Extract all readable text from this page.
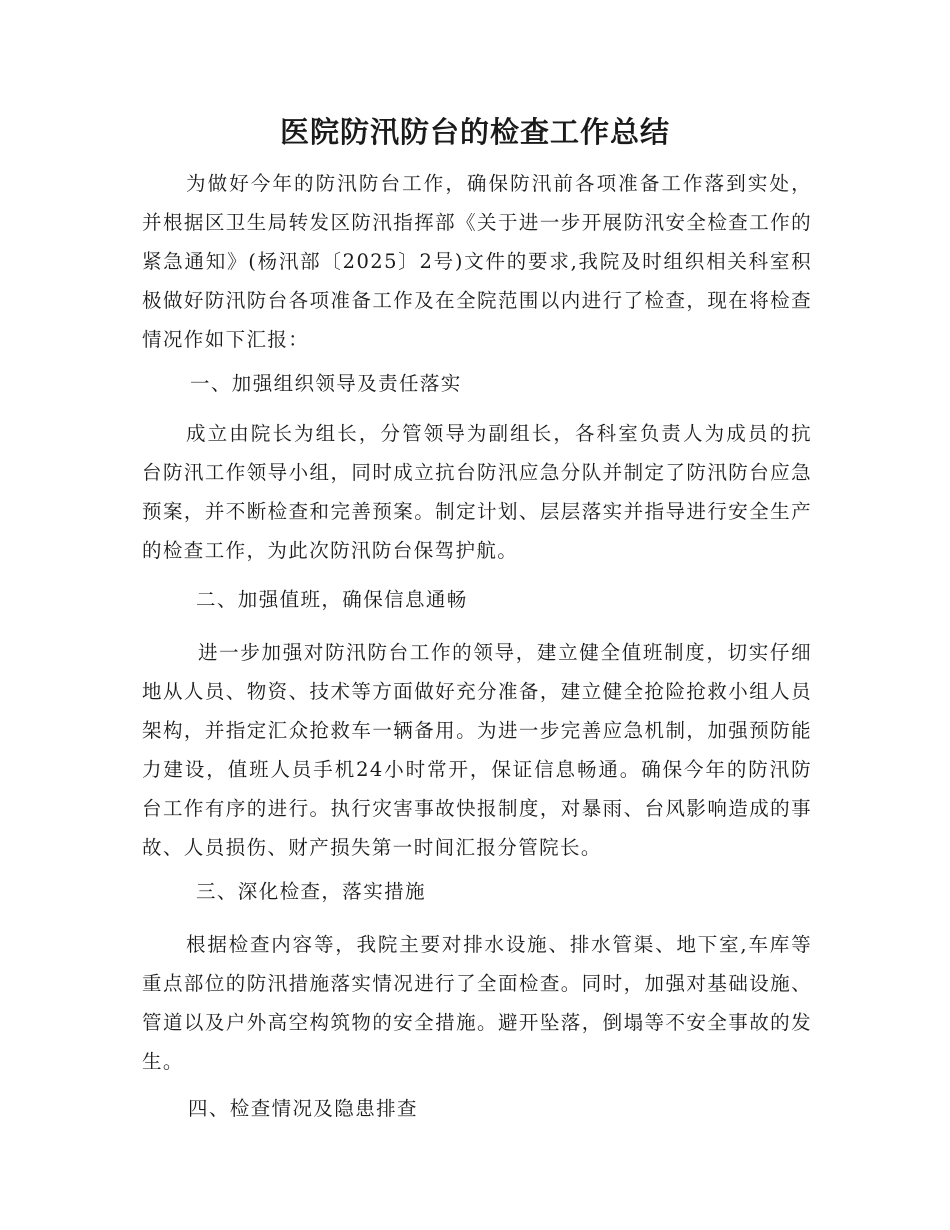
医院防汛防台的检查工作总结

为做好今年的防汛防台工作，确保防汛前各项准备工作落到实处，并根据区卫生局转发区防汛指挥部《关于进一步开展防汛安全检查工作的紧急通知》(杨汛部〔2025〕2号)文件的要求,我院及时组织相关科室积极做好防汛防台各项准备工作及在全院范围以内进行了检查，现在将检查情况作如下汇报：

一、加强组织领导及责任落实

成立由院长为组长，分管领导为副组长，各科室负责人为成员的抗台防汛工作领导小组，同时成立抗台防汛应急分队并制定了防汛防台应急预案，并不断检查和完善预案。制定计划、层层落实并指导进行安全生产的检查工作，为此次防汛防台保驾护航。

二、加强值班，确保信息通畅

进一步加强对防汛防台工作的领导，建立健全值班制度，切实仔细地从人员、物资、技术等方面做好充分准备，建立健全抢险抢救小组人员架构，并指定汇众抢救车一辆备用。为进一步完善应急机制，加强预防能力建设，值班人员手机24小时常开，保证信息畅通。确保今年的防汛防台工作有序的进行。执行灾害事故快报制度，对暴雨、台风影响造成的事故、人员损伤、财产损失第一时间汇报分管院长。

三、深化检查，落实措施

根据检查内容等，我院主要对排水设施、排水管渠、地下室,车库等重点部位的防汛措施落实情况进行了全面检查。同时，加强对基础设施、管道以及户外高空构筑物的安全措施。避开坠落，倒塌等不安全事故的发生。

四、检查情况及隐患排查
